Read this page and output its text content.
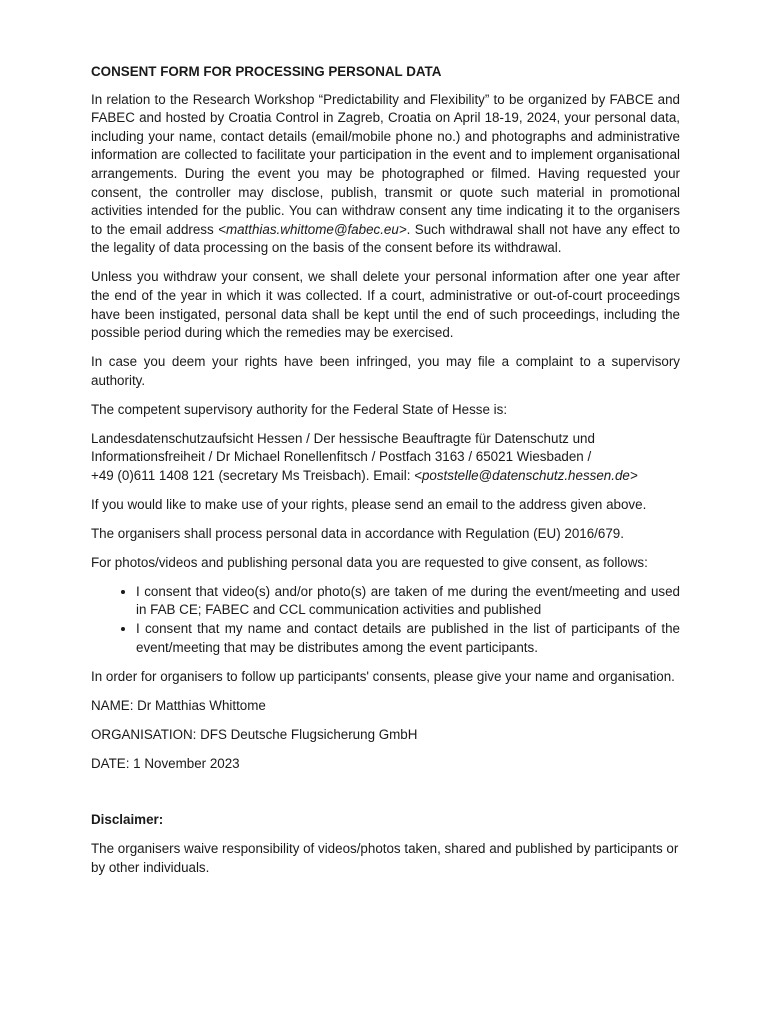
CONSENT FORM FOR PROCESSING PERSONAL DATA

In relation to the Research Workshop “Predictability and Flexibility” to be organized by FABCE and FABEC and hosted by Croatia Control in Zagreb, Croatia on April 18-19, 2024, your personal data, including your name, contact details (email/mobile phone no.) and photographs and administrative information are collected to facilitate your participation in the event and to implement organisational arrangements. During the event you may be photographed or filmed. Having requested your consent, the controller may disclose, publish, transmit or quote such material in promotional activities intended for the public. You can withdraw consent any time indicating it to the organisers to the email address <matthias.whittome@fabec.eu>. Such withdrawal shall not have any effect to the legality of data processing on the basis of the consent before its withdrawal.

Unless you withdraw your consent, we shall delete your personal information after one year after the end of the year in which it was collected. If a court, administrative or out-of-court proceedings have been instigated, personal data shall be kept until the end of such proceedings, including the possible period during which the remedies may be exercised.

In case you deem your rights have been infringed, you may file a complaint to a supervisory authority.

The competent supervisory authority for the Federal State of Hesse is:

Landesdatenschutzaufsicht Hessen / Der hessische Beauftragte für Datenschutz und
Informationsfreiheit / Dr Michael Ronellenfitsch / Postfach 3163 / 65021 Wiesbaden /
+49 (0)611 1408 121 (secretary Ms Treisbach). Email: <poststelle@datenschutz.hessen.de>

If you would like to make use of your rights, please send an email to the address given above.

The organisers shall process personal data in accordance with Regulation (EU) 2016/679.

For photos/videos and publishing personal data you are requested to give consent, as follows:

• I consent that video(s) and/or photo(s) are taken of me during the event/meeting and used in FAB CE; FABEC and CCL communication activities and published
• I consent that my name and contact details are published in the list of participants of the event/meeting that may be distributes among the event participants.

In order for organisers to follow up participants' consents, please give your name and organisation.

NAME: Dr Matthias Whittome

ORGANISATION: DFS Deutsche Flugsicherung GmbH

DATE: 1 November 2023

Disclaimer:

The organisers waive responsibility of videos/photos taken, shared and published by participants or by other individuals.
